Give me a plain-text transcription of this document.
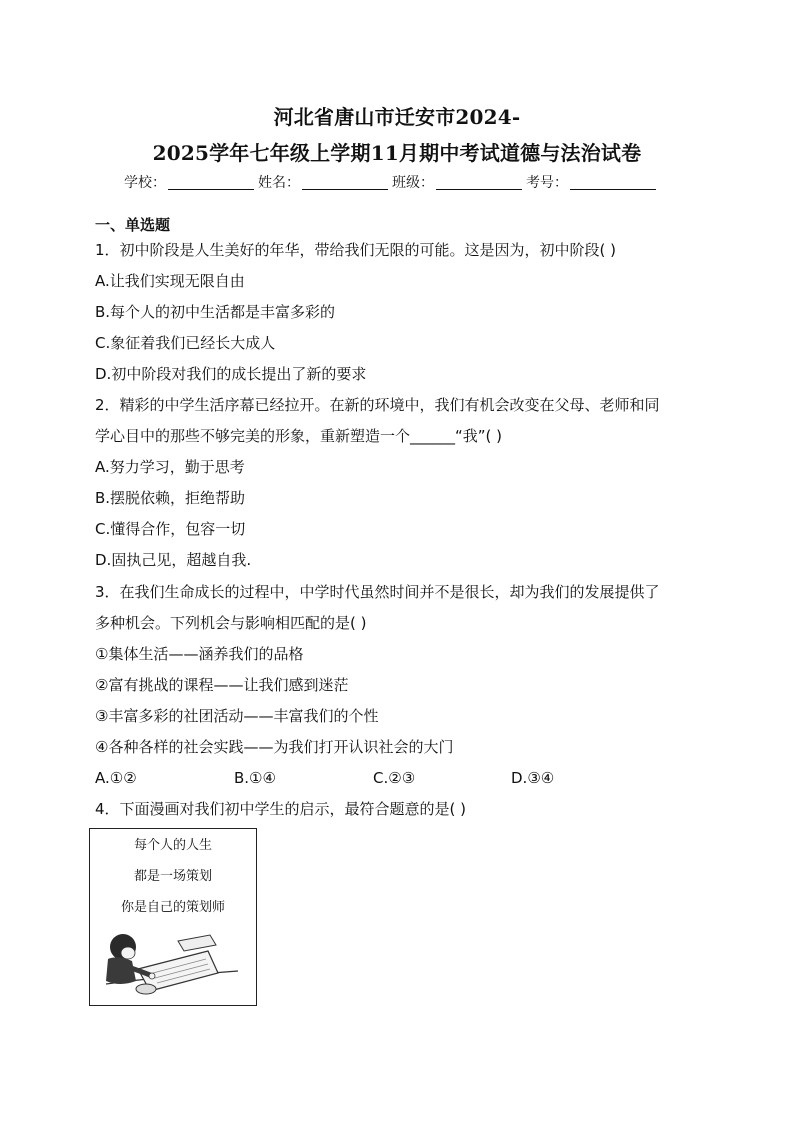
河北省唐山市迁安市2024-
2025学年七年级上学期11月期中考试道德与法治试卷
学校：	姓名：	班级：	考号：
一、单选题
1．初中阶段是人生美好的年华，带给我们无限的可能。这是因为，初中阶段( )
A.让我们实现无限自由
B.每个人的初中生活都是丰富多彩的
C.象征着我们已经长大成人
D.初中阶段对我们的成长提出了新的要求
2．精彩的中学生活序幕已经拉开。在新的环境中，我们有机会改变在父母、老师和同
学心目中的那些不够完美的形象，重新塑造一个______“我”( )
A.努力学习，勤于思考
B.摆脱依赖，拒绝帮助
C.懂得合作，包容一切
D.固执己见，超越自我.
3．在我们生命成长的过程中，中学时代虽然时间并不是很长，却为我们的发展提供了
多种机会。下列机会与影响相匹配的是( )
①集体生活——涵养我们的品格
②富有挑战的课程——让我们感到迷茫
③丰富多彩的社团活动——丰富我们的个性
④各种各样的社会实践——为我们打开认识社会的大门
A.①②	B.①④	C.②③	D.③④
4．下面漫画对我们初中学生的启示，最符合题意的是( )
每个人的人生
都是一场策划
你是自己的策划师
